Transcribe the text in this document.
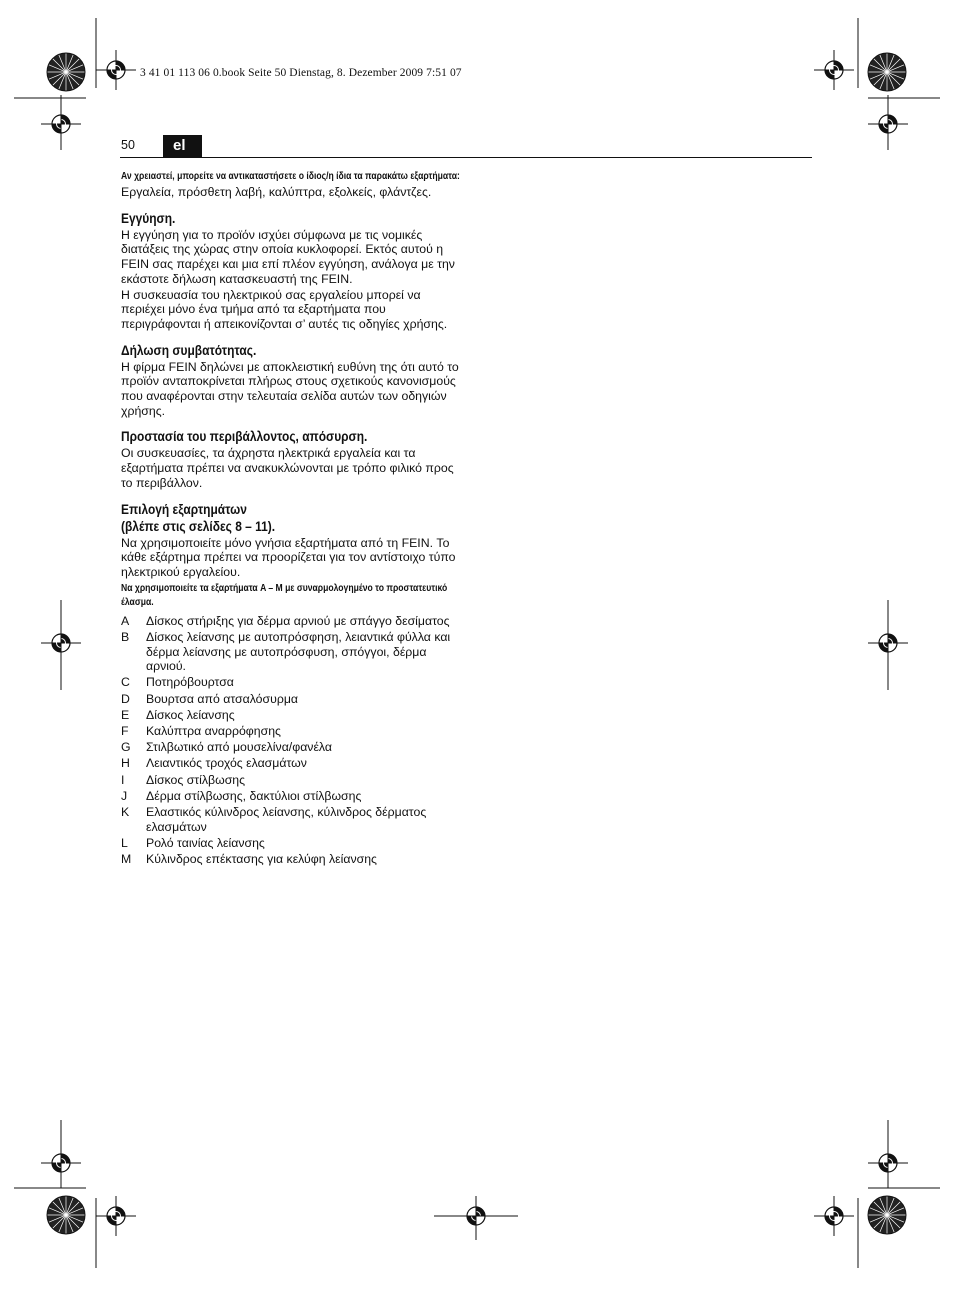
3 41 01 113 06 0.book Seite 50 Dienstag, 8. Dezember 2009 7:51 07
50	el
Αν χρειαστεί, μπορείτε να αντικαταστήσετε ο ίδιος/η ίδια τα παρακάτω εξαρτήματα:
Εργαλεία, πρόσθετη λαβή, καλύπτρα, εξολκείς, φλάντζες.
Εγγύηση.
Η εγγύηση για το προϊόν ισχύει σύμφωνα με τις νομικές διατάξεις της χώρας στην οποία κυκλοφορεί. Εκτός αυτού η FEIN σας παρέχει και μια επί πλέον εγγύηση, ανάλογα με την εκάστοτε δήλωση κατασκευαστή της FEIN.
Η συσκευασία του ηλεκτρικού σας εργαλείου μπορεί να περιέχει μόνο ένα τμήμα από τα εξαρτήματα που περιγράφονται ή απεικονίζονται σ’ αυτές τις οδηγίες χρήσης.
Δήλωση συμβατότητας.
Η φίρμα FEIN δηλώνει με αποκλειστική ευθύνη της ότι αυτό το προϊόν ανταποκρίνεται πλήρως στους σχετικούς κανονισμούς που αναφέρονται στην τελευταία σελίδα αυτών των οδηγιών χρήσης.
Προστασία του περιβάλλοντος, απόσυρση.
Οι συσκευασίες, τα άχρηστα ηλεκτρικά εργαλεία και τα εξαρτήματα πρέπει να ανακυκλώνονται με τρόπο φιλικό προς το περιβάλλον.
Επιλογή εξαρτημάτων
(βλέπε στις σελίδες 8 – 11).
Να χρησιμοποιείτε μόνο γνήσια εξαρτήματα από τη FEIN. Το κάθε εξάρτημα πρέπει να προορίζεται για τον αντίστοιχο τύπο ηλεκτρικού εργαλείου.
Να χρησιμοποιείτε τα εξαρτήματα A – M με συναρμολογημένο το προστατευτικό έλασμα.
A	Δίσκος στήριξης για δέρμα αρνιού με σπάγγο δεσίματος
B	Δίσκος λείανσης με αυτοπρόσφηση, λειαντικά φύλλα και δέρμα λείανσης με αυτοπρόσφυση, σπόγγοι, δέρμα αρνιού.
C	Ποτηρόβουρτσα
D	Βουρτσα από ατσαλόσυρμα
E	Δίσκος λείανσης
F	Καλύπτρα αναρρόφησης
G	Στιλβωτικό από μουσελίνα/φανέλα
H	Λειαντικός τροχός ελασμάτων
I	Δίσκος στίλβωσης
J	Δέρμα στίλβωσης, δακτύλιοι στίλβωσης
K	Ελαστικός κύλινδρος λείανσης, κύλινδρος δέρματος ελασμάτων
L	Ρολό ταινίας λείανσης
M	Κύλινδρος επέκτασης για κελύφη λείανσης
